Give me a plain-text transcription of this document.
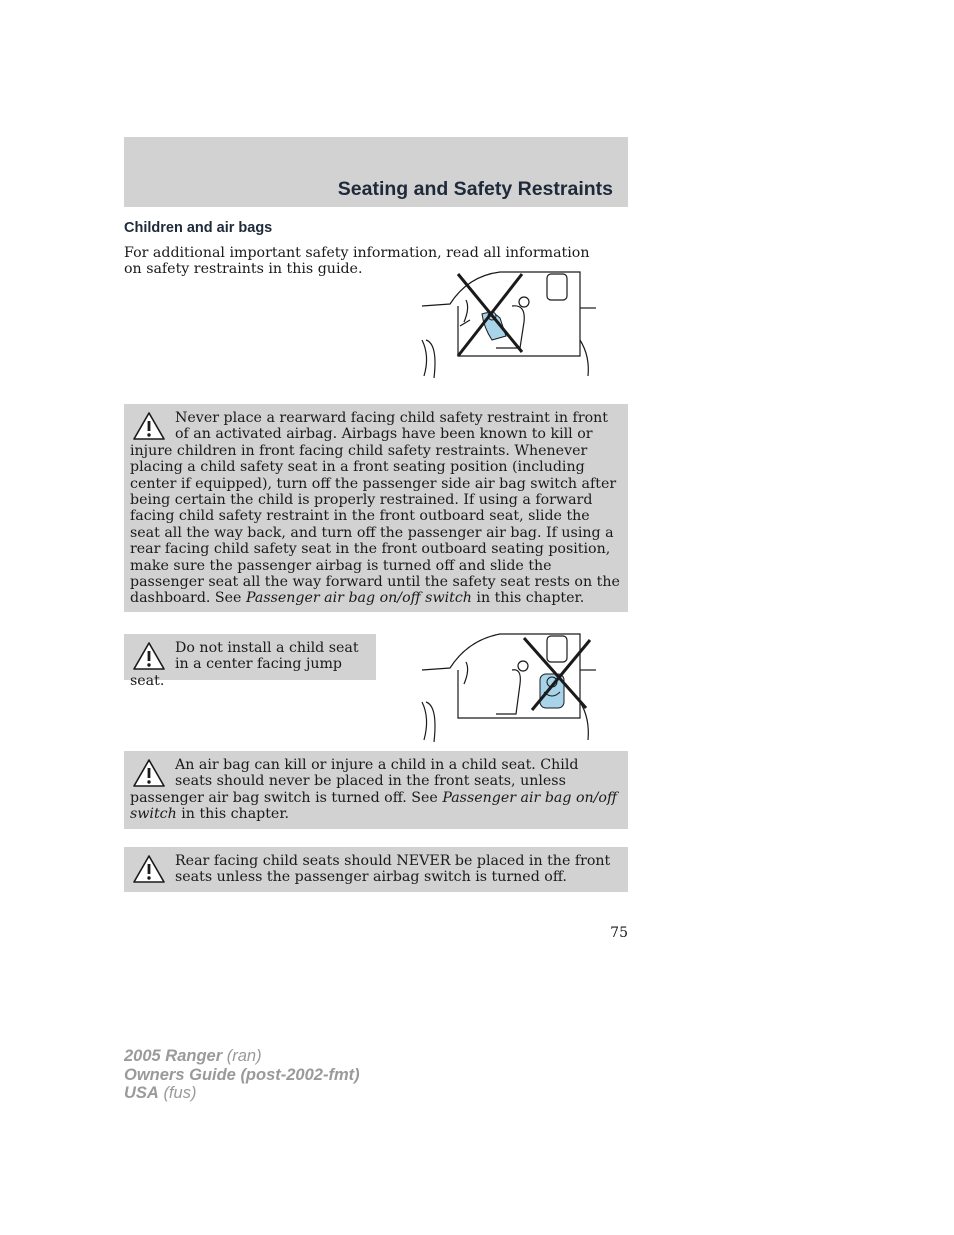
Seating and Safety Restraints
Children and air bags
For additional important safety information, read all information on safety restraints in this guide.
Never place a rearward facing child safety restraint in front of an activated airbag. Airbags have been known to kill or injure children in front facing child safety restraints. Whenever placing a child safety seat in a front seating position (including center if equipped), turn off the passenger side air bag switch after being certain the child is properly restrained. If using a forward facing child safety restraint in the front outboard seat, slide the seat all the way back, and turn off the passenger air bag. If using a rear facing child safety seat in the front outboard seating position, make sure the passenger airbag is turned off and slide the passenger seat all the way forward until the safety seat rests on the dashboard. See Passenger air bag on/off switch in this chapter.
Do not install a child seat in a center facing jump seat.
An air bag can kill or injure a child in a child seat. Child seats should never be placed in the front seats, unless passenger air bag switch is turned off. See Passenger air bag on/off switch in this chapter.
Rear facing child seats should NEVER be placed in the front seats unless the passenger airbag switch is turned off.
75
2005 Ranger (ran)
Owners Guide (post-2002-fmt)
USA (fus)
